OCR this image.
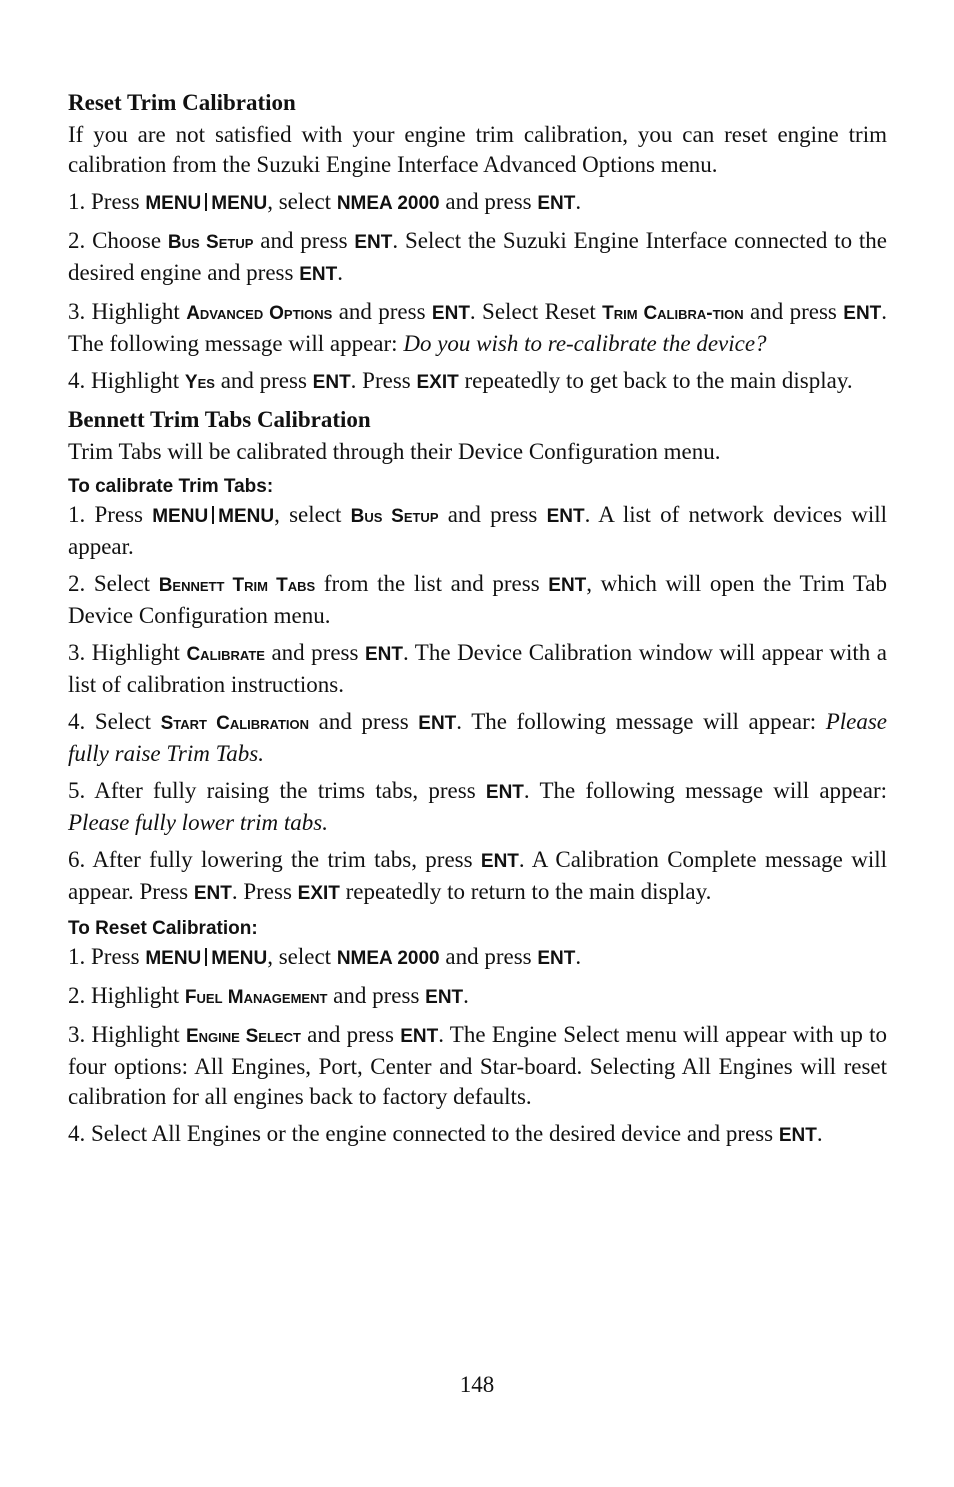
Reset Trim Calibration

If you are not satisfied with your engine trim calibration, you can reset engine trim calibration from the Suzuki Engine Interface Advanced Options menu.

1. Press MENU MENU, select NMEA 2000 and press ENT.

2. Choose Bus Setup and press ENT. Select the Suzuki Engine Interface connected to the desired engine and press ENT.

3. Highlight Advanced Options and press ENT. Select Reset Trim Calibra-tion and press ENT. The following message will appear: Do you wish to re-calibrate the device?

4. Highlight Yes and press ENT. Press EXIT repeatedly to get back to the main display.

Bennett Trim Tabs Calibration

Trim Tabs will be calibrated through their Device Configuration menu.

To calibrate Trim Tabs:

1. Press MENU MENU, select Bus Setup and press ENT. A list of network devices will appear.

2. Select Bennett Trim Tabs from the list and press ENT, which will open the Trim Tab Device Configuration menu.

3. Highlight Calibrate and press ENT. The Device Calibration window will appear with a list of calibration instructions.

4. Select Start Calibration and press ENT. The following message will appear: Please fully raise Trim Tabs.

5. After fully raising the trims tabs, press ENT. The following message will appear: Please fully lower trim tabs.

6. After fully lowering the trim tabs, press ENT. A Calibration Complete message will appear. Press ENT. Press EXIT repeatedly to return to the main display.

To Reset Calibration:

1. Press MENU MENU, select NMEA 2000 and press ENT.

2. Highlight Fuel Management and press ENT.

3. Highlight Engine Select and press ENT. The Engine Select menu will appear with up to four options: All Engines, Port, Center and Star-board. Selecting All Engines will reset calibration for all engines back to factory defaults.

4. Select All Engines or the engine connected to the desired device and press ENT.

148
